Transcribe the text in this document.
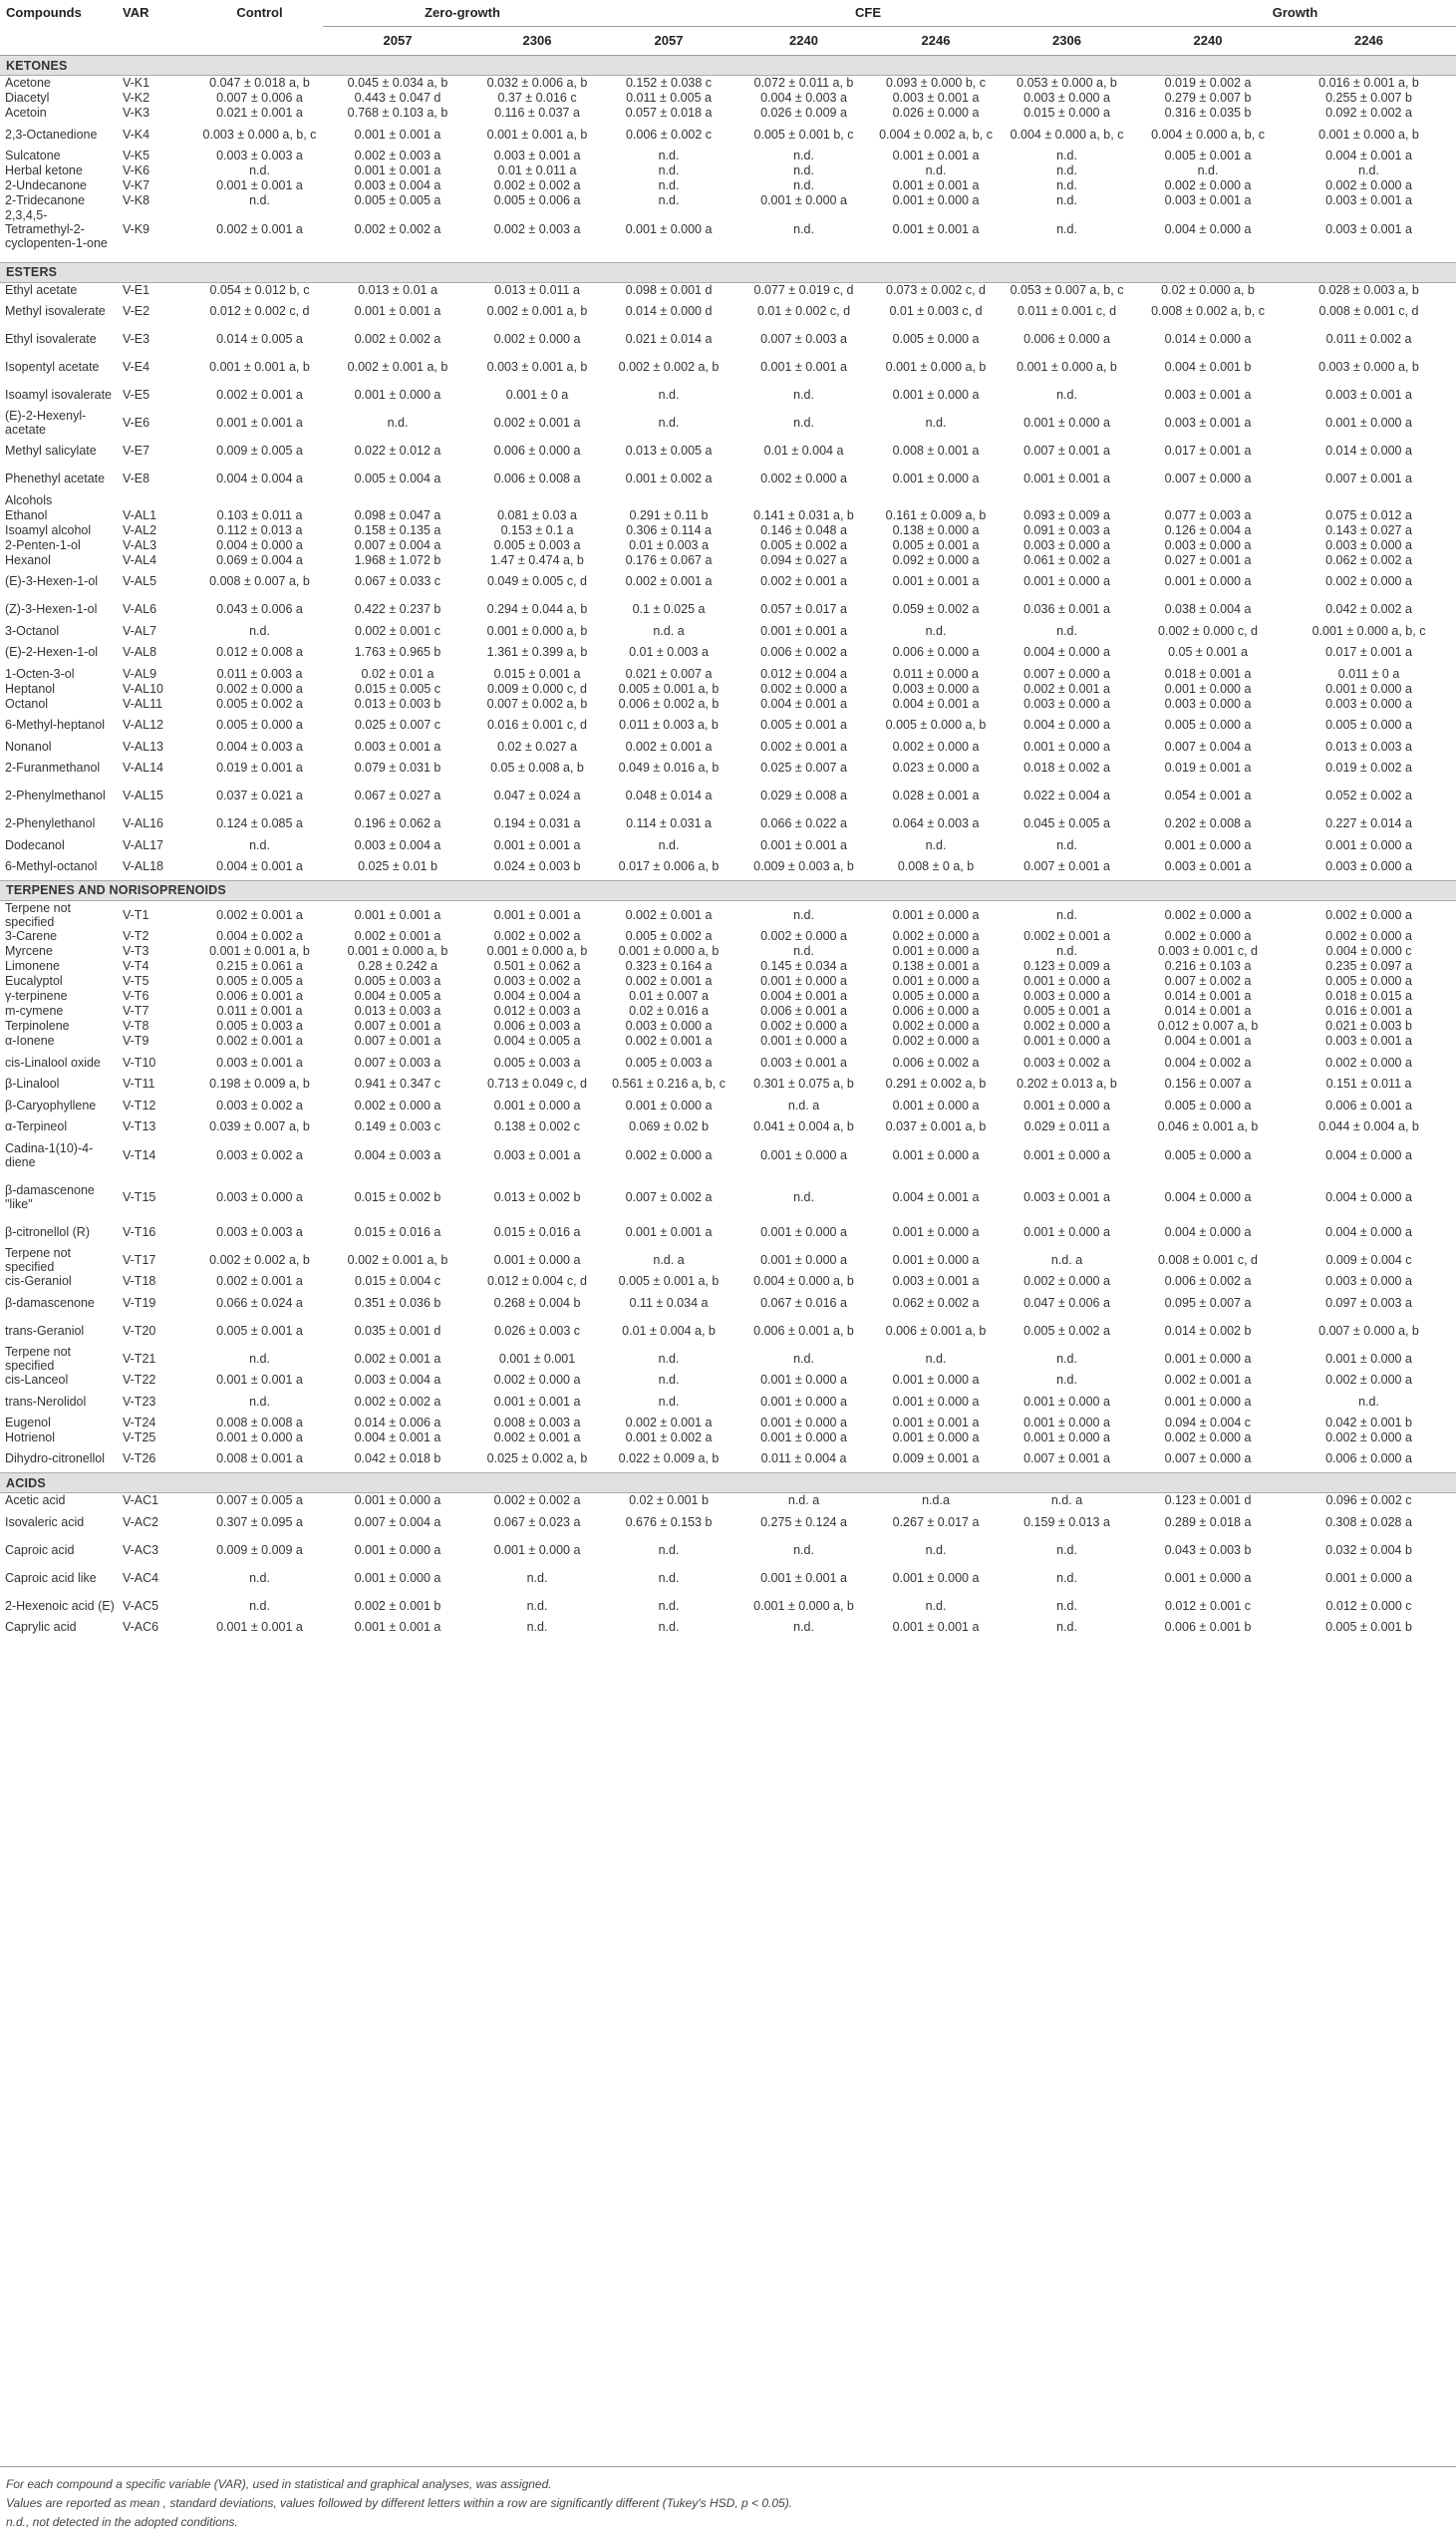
Compounds	VAR	Control	Zero-growth		CFE				Growth	
			2057	2306	2057	2240	2246	2306	2240	2246
KETONES										
Acetone	V-K1	0.047 ± 0.018 a, b	0.045 ± 0.034 a, b	0.032 ± 0.006 a, b	0.152 ± 0.038 c	0.072 ± 0.011 a, b	0.093 ± 0.000 b, c	0.053 ± 0.000 a, b	0.019 ± 0.002 a	0.016 ± 0.001 a, b
Diacetyl	V-K2	0.007 ± 0.006 a	0.443 ± 0.047 d	0.37 ± 0.016 c	0.011 ± 0.005 a	0.004 ± 0.003 a	0.003 ± 0.001 a	0.003 ± 0.000 a	0.279 ± 0.007 b	0.255 ± 0.007 b
Acetoin	V-K3	0.021 ± 0.001 a	0.768 ± 0.103 a, b	0.116 ± 0.037 a	0.057 ± 0.018 a	0.026 ± 0.009 a	0.026 ± 0.000 a	0.015 ± 0.000 a	0.316 ± 0.035 b	0.092 ± 0.002 a
2,3-Octanedione	V-K4	0.003 ± 0.000 a, b, c	0.001 ± 0.001 a	0.001 ± 0.001 a, b	0.006 ± 0.002 c	0.005 ± 0.001 b, c	0.004 ± 0.002 a, b, c	0.004 ± 0.000 a, b, c	0.004 ± 0.000 a, b, c	0.001 ± 0.000 a, b
Sulcatone	V-K5	0.003 ± 0.003 a	0.002 ± 0.003 a	0.003 ± 0.001 a	n.d.	n.d.	0.001 ± 0.001 a	n.d.	0.005 ± 0.001 a	0.004 ± 0.001 a
Herbal ketone	V-K6	n.d.	0.001 ± 0.001 a	0.01 ± 0.011 a	n.d.	n.d.	n.d.	n.d.	n.d.	n.d.
2-Undecanone	V-K7	0.001 ± 0.001 a	0.003 ± 0.004 a	0.002 ± 0.002 a	n.d.	n.d.	0.001 ± 0.001 a	n.d.	0.002 ± 0.000 a	0.002 ± 0.000 a
2-Tridecanone	V-K8	n.d.	0.005 ± 0.005 a	0.005 ± 0.006 a	n.d.	0.001 ± 0.000 a	0.001 ± 0.000 a	n.d.	0.003 ± 0.001 a	0.003 ± 0.001 a
2,3,4,5-Tetramethyl-2-cyclopenten-1-one	V-K9	0.002 ± 0.001 a	0.002 ± 0.002 a	0.002 ± 0.003 a	0.001 ± 0.000 a	n.d.	0.001 ± 0.001 a	n.d.	0.004 ± 0.000 a	0.003 ± 0.001 a

ESTERS										
Ethyl acetate	V-E1	0.054 ± 0.012 b, c	0.013 ± 0.01 a	0.013 ± 0.011 a	0.098 ± 0.001 d	0.077 ± 0.019 c, d	0.073 ± 0.002 c, d	0.053 ± 0.007 a, b, c	0.02 ± 0.000 a, b	0.028 ± 0.003 a, b
Methyl isovalerate	V-E2	0.012 ± 0.002 c, d	0.001 ± 0.001 a	0.002 ± 0.001 a, b	0.014 ± 0.000 d	0.01 ± 0.002 c, d	0.01 ± 0.003 c, d	0.011 ± 0.001 c, d	0.008 ± 0.002 a, b, c	0.008 ± 0.001 c, d
Ethyl isovalerate	V-E3	0.014 ± 0.005 a	0.002 ± 0.002 a	0.002 ± 0.000 a	0.021 ± 0.014 a	0.007 ± 0.003 a	0.005 ± 0.000 a	0.006 ± 0.000 a	0.014 ± 0.000 a	0.011 ± 0.002 a
Isopentyl acetate	V-E4	0.001 ± 0.001 a, b	0.002 ± 0.001 a, b	0.003 ± 0.001 a, b	0.002 ± 0.002 a, b	0.001 ± 0.001 a	0.001 ± 0.000 a, b	0.001 ± 0.000 a, b	0.004 ± 0.001 b	0.003 ± 0.000 a, b
Isoamyl isovalerate	V-E5	0.002 ± 0.001 a	0.001 ± 0.000 a	0.001 ± 0 a	n.d.	n.d.	0.001 ± 0.000 a	n.d.	0.003 ± 0.001 a	0.003 ± 0.001 a
(E)-2-Hexenyl-acetate	V-E6	0.001 ± 0.001 a	n.d.	0.002 ± 0.001 a	n.d.	n.d.	n.d.	0.001 ± 0.000 a	0.003 ± 0.001 a	0.001 ± 0.000 a
Methyl salicylate	V-E7	0.009 ± 0.005 a	0.022 ± 0.012 a	0.006 ± 0.000 a	0.013 ± 0.005 a	0.01 ± 0.004 a	0.008 ± 0.001 a	0.007 ± 0.001 a	0.017 ± 0.001 a	0.014 ± 0.000 a
Phenethyl acetate	V-E8	0.004 ± 0.004 a	0.005 ± 0.004 a	0.006 ± 0.008 a	0.001 ± 0.002 a	0.002 ± 0.000 a	0.001 ± 0.000 a	0.001 ± 0.001 a	0.007 ± 0.000 a	0.007 ± 0.001 a
Alcohols										
Ethanol	V-AL1	0.103 ± 0.011 a	0.098 ± 0.047 a	0.081 ± 0.03 a	0.291 ± 0.11 b	0.141 ± 0.031 a, b	0.161 ± 0.009 a, b	0.093 ± 0.009 a	0.077 ± 0.003 a	0.075 ± 0.012 a
Isoamyl alcohol	V-AL2	0.112 ± 0.013 a	0.158 ± 0.135 a	0.153 ± 0.1 a	0.306 ± 0.114 a	0.146 ± 0.048 a	0.138 ± 0.000 a	0.091 ± 0.003 a	0.126 ± 0.004 a	0.143 ± 0.027 a
2-Penten-1-ol	V-AL3	0.004 ± 0.000 a	0.007 ± 0.004 a	0.005 ± 0.003 a	0.01 ± 0.003 a	0.005 ± 0.002 a	0.005 ± 0.001 a	0.003 ± 0.000 a	0.003 ± 0.000 a	0.003 ± 0.000 a
Hexanol	V-AL4	0.069 ± 0.004 a	1.968 ± 1.072 b	1.47 ± 0.474 a, b	0.176 ± 0.067 a	0.094 ± 0.027 a	0.092 ± 0.000 a	0.061 ± 0.002 a	0.027 ± 0.001 a	0.062 ± 0.002 a
(E)-3-Hexen-1-ol	V-AL5	0.008 ± 0.007 a, b	0.067 ± 0.033 c	0.049 ± 0.005 c, d	0.002 ± 0.001 a	0.002 ± 0.001 a	0.001 ± 0.001 a	0.001 ± 0.000 a	0.001 ± 0.000 a	0.002 ± 0.000 a
(Z)-3-Hexen-1-ol	V-AL6	0.043 ± 0.006 a	0.422 ± 0.237 b	0.294 ± 0.044 a, b	0.1 ± 0.025 a	0.057 ± 0.017 a	0.059 ± 0.002 a	0.036 ± 0.001 a	0.038 ± 0.004 a	0.042 ± 0.002 a
3-Octanol	V-AL7	n.d.	0.002 ± 0.001 c	0.001 ± 0.000 a, b	n.d. a	0.001 ± 0.001 a	n.d.	n.d.	0.002 ± 0.000 c, d	0.001 ± 0.000 a, b, c
(E)-2-Hexen-1-ol	V-AL8	0.012 ± 0.008 a	1.763 ± 0.965 b	1.361 ± 0.399 a, b	0.01 ± 0.003 a	0.006 ± 0.002 a	0.006 ± 0.000 a	0.004 ± 0.000 a	0.05 ± 0.001 a	0.017 ± 0.001 a
1-Octen-3-ol	V-AL9	0.011 ± 0.003 a	0.02 ± 0.01 a	0.015 ± 0.001 a	0.021 ± 0.007 a	0.012 ± 0.004 a	0.011 ± 0.000 a	0.007 ± 0.000 a	0.018 ± 0.001 a	0.011 ± 0 a
Heptanol	V-AL10	0.002 ± 0.000 a	0.015 ± 0.005 c	0.009 ± 0.000 c, d	0.005 ± 0.001 a, b	0.002 ± 0.000 a	0.003 ± 0.000 a	0.002 ± 0.001 a	0.001 ± 0.000 a	0.001 ± 0.000 a
Octanol	V-AL11	0.005 ± 0.002 a	0.013 ± 0.003 b	0.007 ± 0.002 a, b	0.006 ± 0.002 a, b	0.004 ± 0.001 a	0.004 ± 0.001 a	0.003 ± 0.000 a	0.003 ± 0.000 a	0.003 ± 0.000 a
6-Methyl-heptanol	V-AL12	0.005 ± 0.000 a	0.025 ± 0.007 c	0.016 ± 0.001 c, d	0.011 ± 0.003 a, b	0.005 ± 0.001 a	0.005 ± 0.000 a, b	0.004 ± 0.000 a	0.005 ± 0.000 a	0.005 ± 0.000 a
Nonanol	V-AL13	0.004 ± 0.003 a	0.003 ± 0.001 a	0.02 ± 0.027 a	0.002 ± 0.001 a	0.002 ± 0.001 a	0.002 ± 0.000 a	0.001 ± 0.000 a	0.007 ± 0.004 a	0.013 ± 0.003 a
2-Furanmethanol	V-AL14	0.019 ± 0.001 a	0.079 ± 0.031 b	0.05 ± 0.008 a, b	0.049 ± 0.016 a, b	0.025 ± 0.007 a	0.023 ± 0.000 a	0.018 ± 0.002 a	0.019 ± 0.001 a	0.019 ± 0.002 a
2-Phenylmethanol	V-AL15	0.037 ± 0.021 a	0.067 ± 0.027 a	0.047 ± 0.024 a	0.048 ± 0.014 a	0.029 ± 0.008 a	0.028 ± 0.001 a	0.022 ± 0.004 a	0.054 ± 0.001 a	0.052 ± 0.002 a
2-Phenylethanol	V-AL16	0.124 ± 0.085 a	0.196 ± 0.062 a	0.194 ± 0.031 a	0.114 ± 0.031 a	0.066 ± 0.022 a	0.064 ± 0.003 a	0.045 ± 0.005 a	0.202 ± 0.008 a	0.227 ± 0.014 a
Dodecanol	V-AL17	n.d.	0.003 ± 0.004 a	0.001 ± 0.001 a	n.d.	0.001 ± 0.001 a	n.d.	n.d.	0.001 ± 0.000 a	0.001 ± 0.000 a
6-Methyl-octanol	V-AL18	0.004 ± 0.001 a	0.025 ± 0.01 b	0.024 ± 0.003 b	0.017 ± 0.006 a, b	0.009 ± 0.003 a, b	0.008 ± 0 a, b	0.007 ± 0.001 a	0.003 ± 0.001 a	0.003 ± 0.000 a
TERPENES AND NORISOPRENOIDS										
Terpene not specified	V-T1	0.002 ± 0.001 a	0.001 ± 0.001 a	0.001 ± 0.001 a	0.002 ± 0.001 a	n.d.	0.001 ± 0.000 a	n.d.	0.002 ± 0.000 a	0.002 ± 0.000 a
3-Carene	V-T2	0.004 ± 0.002 a	0.002 ± 0.001 a	0.002 ± 0.002 a	0.005 ± 0.002 a	0.002 ± 0.000 a	0.002 ± 0.000 a	0.002 ± 0.001 a	0.002 ± 0.000 a	0.002 ± 0.000 a
Myrcene	V-T3	0.001 ± 0.001 a, b	0.001 ± 0.000 a, b	0.001 ± 0.000 a, b	0.001 ± 0.000 a, b	n.d.	0.001 ± 0.000 a	n.d.	0.003 ± 0.001 c, d	0.004 ± 0.000 c
Limonene	V-T4	0.215 ± 0.061 a	0.28 ± 0.242 a	0.501 ± 0.062 a	0.323 ± 0.164 a	0.145 ± 0.034 a	0.138 ± 0.001 a	0.123 ± 0.009 a	0.216 ± 0.103 a	0.235 ± 0.097 a
Eucalyptol	V-T5	0.005 ± 0.005 a	0.005 ± 0.003 a	0.003 ± 0.002 a	0.002 ± 0.001 a	0.001 ± 0.000 a	0.001 ± 0.000 a	0.001 ± 0.000 a	0.007 ± 0.002 a	0.005 ± 0.000 a
γ-terpinene	V-T6	0.006 ± 0.001 a	0.004 ± 0.005 a	0.004 ± 0.004 a	0.01 ± 0.007 a	0.004 ± 0.001 a	0.005 ± 0.000 a	0.003 ± 0.000 a	0.014 ± 0.001 a	0.018 ± 0.015 a
m-cymene	V-T7	0.011 ± 0.001 a	0.013 ± 0.003 a	0.012 ± 0.003 a	0.02 ± 0.016 a	0.006 ± 0.001 a	0.006 ± 0.000 a	0.005 ± 0.001 a	0.014 ± 0.001 a	0.016 ± 0.001 a
Terpinolene	V-T8	0.005 ± 0.003 a	0.007 ± 0.001 a	0.006 ± 0.003 a	0.003 ± 0.000 a	0.002 ± 0.000 a	0.002 ± 0.000 a	0.002 ± 0.000 a	0.012 ± 0.007 a, b	0.021 ± 0.003 b
α-Ionene	V-T9	0.002 ± 0.001 a	0.007 ± 0.001 a	0.004 ± 0.005 a	0.002 ± 0.001 a	0.001 ± 0.000 a	0.002 ± 0.000 a	0.001 ± 0.000 a	0.004 ± 0.001 a	0.003 ± 0.001 a
cis-Linalool oxide	V-T10	0.003 ± 0.001 a	0.007 ± 0.003 a	0.005 ± 0.003 a	0.005 ± 0.003 a	0.003 ± 0.001 a	0.006 ± 0.002 a	0.003 ± 0.002 a	0.004 ± 0.002 a	0.002 ± 0.000 a
β-Linalool	V-T11	0.198 ± 0.009 a, b	0.941 ± 0.347 c	0.713 ± 0.049 c, d	0.561 ± 0.216 a, b, c	0.301 ± 0.075 a, b	0.291 ± 0.002 a, b	0.202 ± 0.013 a, b	0.156 ± 0.007 a	0.151 ± 0.011 a
β-Caryophyllene	V-T12	0.003 ± 0.002 a	0.002 ± 0.000 a	0.001 ± 0.000 a	0.001 ± 0.000 a	n.d. a	0.001 ± 0.000 a	0.001 ± 0.000 a	0.005 ± 0.000 a	0.006 ± 0.001 a
α-Terpineol	V-T13	0.039 ± 0.007 a, b	0.149 ± 0.003 c	0.138 ± 0.002 c	0.069 ± 0.02 b	0.041 ± 0.004 a, b	0.037 ± 0.001 a, b	0.029 ± 0.011 a	0.046 ± 0.001 a, b	0.044 ± 0.004 a, b
Cadina-1(10)-4-diene	V-T14	0.003 ± 0.002 a	0.004 ± 0.003 a	0.003 ± 0.001 a	0.002 ± 0.000 a	0.001 ± 0.000 a	0.001 ± 0.000 a	0.001 ± 0.000 a	0.005 ± 0.000 a	0.004 ± 0.000 a
β-damascenone "like"	V-T15	0.003 ± 0.000 a	0.015 ± 0.002 b	0.013 ± 0.002 b	0.007 ± 0.002 a	n.d.	0.004 ± 0.001 a	0.003 ± 0.001 a	0.004 ± 0.000 a	0.004 ± 0.000 a
β-citronellol (R)	V-T16	0.003 ± 0.003 a	0.015 ± 0.016 a	0.015 ± 0.016 a	0.001 ± 0.001 a	0.001 ± 0.000 a	0.001 ± 0.000 a	0.001 ± 0.000 a	0.004 ± 0.000 a	0.004 ± 0.000 a
Terpene not specified	V-T17	0.002 ± 0.002 a, b	0.002 ± 0.001 a, b	0.001 ± 0.000 a	n.d. a	0.001 ± 0.000 a	0.001 ± 0.000 a	n.d. a	0.008 ± 0.001 c, d	0.009 ± 0.004 c
cis-Geraniol	V-T18	0.002 ± 0.001 a	0.015 ± 0.004 c	0.012 ± 0.004 c, d	0.005 ± 0.001 a, b	0.004 ± 0.000 a, b	0.003 ± 0.001 a	0.002 ± 0.000 a	0.006 ± 0.002 a	0.003 ± 0.000 a
β-damascenone	V-T19	0.066 ± 0.024 a	0.351 ± 0.036 b	0.268 ± 0.004 b	0.11 ± 0.034 a	0.067 ± 0.016 a	0.062 ± 0.002 a	0.047 ± 0.006 a	0.095 ± 0.007 a	0.097 ± 0.003 a
trans-Geraniol	V-T20	0.005 ± 0.001 a	0.035 ± 0.001 d	0.026 ± 0.003 c	0.01 ± 0.004 a, b	0.006 ± 0.001 a, b	0.006 ± 0.001 a, b	0.005 ± 0.002 a	0.014 ± 0.002 b	0.007 ± 0.000 a, b
Terpene not specified	V-T21	n.d.	0.002 ± 0.001 a	0.001 ± 0.001	n.d.	n.d.	n.d.	n.d.	0.001 ± 0.000 a	0.001 ± 0.000 a
cis-Lanceol	V-T22	0.001 ± 0.001 a	0.003 ± 0.004 a	0.002 ± 0.000 a	n.d.	0.001 ± 0.000 a	0.001 ± 0.000 a	n.d.	0.002 ± 0.001 a	0.002 ± 0.000 a
trans-Nerolidol	V-T23	n.d.	0.002 ± 0.002 a	0.001 ± 0.001 a	n.d.	0.001 ± 0.000 a	0.001 ± 0.000 a	0.001 ± 0.000 a	0.001 ± 0.000 a	n.d.
Eugenol	V-T24	0.008 ± 0.008 a	0.014 ± 0.006 a	0.008 ± 0.003 a	0.002 ± 0.001 a	0.001 ± 0.000 a	0.001 ± 0.001 a	0.001 ± 0.000 a	0.094 ± 0.004 c	0.042 ± 0.001 b
Hotrienol	V-T25	0.001 ± 0.000 a	0.004 ± 0.001 a	0.002 ± 0.001 a	0.001 ± 0.002 a	0.001 ± 0.000 a	0.001 ± 0.000 a	0.001 ± 0.000 a	0.002 ± 0.000 a	0.002 ± 0.000 a
Dihydro-citronellol	V-T26	0.008 ± 0.001 a	0.042 ± 0.018 b	0.025 ± 0.002 a, b	0.022 ± 0.009 a, b	0.011 ± 0.004 a	0.009 ± 0.001 a	0.007 ± 0.001 a	0.007 ± 0.000 a	0.006 ± 0.000 a
ACIDS										
Acetic acid	V-AC1	0.007 ± 0.005 a	0.001 ± 0.000 a	0.002 ± 0.002 a	0.02 ± 0.001 b	n.d. a	n.d.a	n.d. a	0.123 ± 0.001 d	0.096 ± 0.002 c
Isovaleric acid	V-AC2	0.307 ± 0.095 a	0.007 ± 0.004 a	0.067 ± 0.023 a	0.676 ± 0.153 b	0.275 ± 0.124 a	0.267 ± 0.017 a	0.159 ± 0.013 a	0.289 ± 0.018 a	0.308 ± 0.028 a
Caproic acid	V-AC3	0.009 ± 0.009 a	0.001 ± 0.000 a	0.001 ± 0.000 a	n.d.	n.d.	n.d.	n.d.	0.043 ± 0.003 b	0.032 ± 0.004 b
Caproic acid like	V-AC4	n.d.	0.001 ± 0.000 a	n.d.	n.d.	0.001 ± 0.001 a	0.001 ± 0.000 a	n.d.	0.001 ± 0.000 a	0.001 ± 0.000 a
2-Hexenoic acid (E)	V-AC5	n.d.	0.002 ± 0.001 b	n.d.	n.d.	0.001 ± 0.000 a, b	n.d.	n.d.	0.012 ± 0.001 c	0.012 ± 0.000 c
Caprylic acid	V-AC6	0.001 ± 0.001 a	0.001 ± 0.001 a	n.d.	n.d.	n.d.	0.001 ± 0.001 a	n.d.	0.006 ± 0.001 b	0.005 ± 0.001 b
For each compound a specific variable (VAR), used in statistical and graphical analyses, was assigned.
Values are reported as mean , standard deviations, values followed by different letters within a row are significantly different (Tukey's HSD, p < 0.05).
n.d., not detected in the adopted conditions.
